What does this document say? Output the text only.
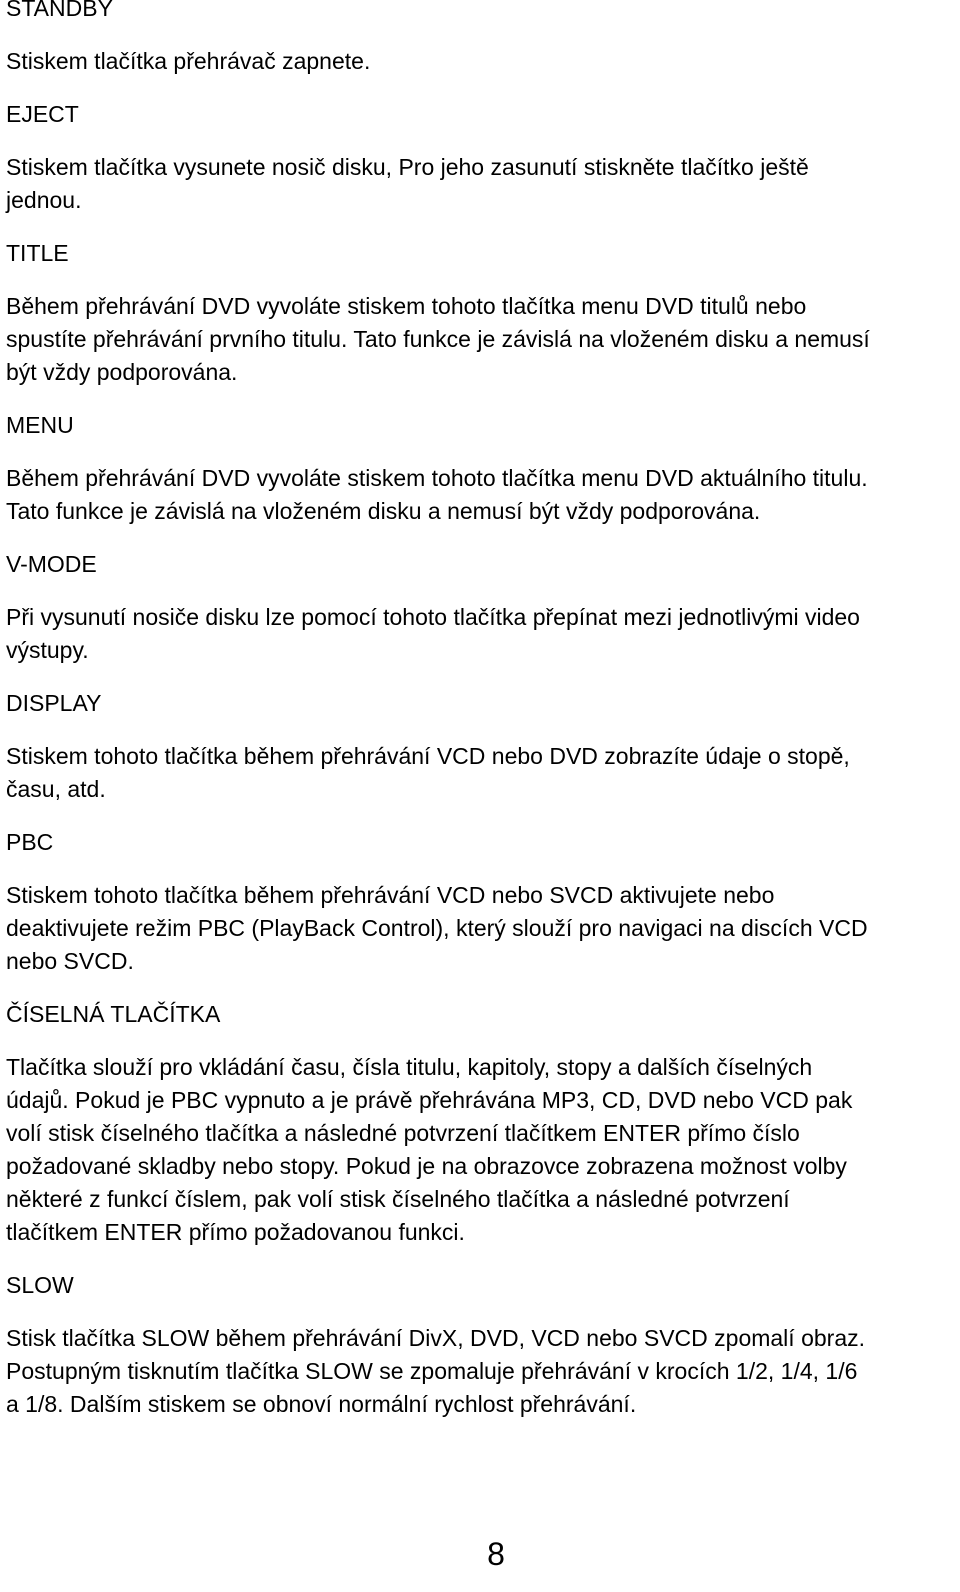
STANDBY
Stiskem tlačítka přehrávač zapnete.
EJECT
Stiskem tlačítka vysunete nosič disku, Pro jeho zasunutí stiskněte tlačítko ještě
jednou.
TITLE
Během přehrávání DVD vyvoláte stiskem tohoto tlačítka menu DVD titulů nebo
spustíte přehrávání prvního titulu. Tato funkce je závislá na vloženém disku a nemusí
být vždy podporována.
MENU
Během přehrávání DVD vyvoláte stiskem tohoto tlačítka menu DVD aktuálního titulu.
Tato funkce je závislá na vloženém disku a nemusí být vždy podporována.
V-MODE
Při vysunutí nosiče disku lze pomocí tohoto tlačítka přepínat mezi jednotlivými video
výstupy.
DISPLAY
Stiskem tohoto tlačítka během přehrávání VCD nebo DVD zobrazíte údaje o stopě,
času, atd.
PBC
Stiskem tohoto tlačítka během přehrávání VCD nebo SVCD aktivujete nebo
deaktivujete režim PBC (PlayBack Control), který slouží pro navigaci na discích VCD
nebo SVCD.
ČÍSELNÁ TLAČÍTKA
Tlačítka slouží pro vkládání času, čísla titulu, kapitoly, stopy a dalších číselných
údajů. Pokud je PBC vypnuto a je právě přehrávána MP3, CD, DVD nebo VCD pak
volí stisk číselného tlačítka a následné potvrzení tlačítkem ENTER přímo číslo
požadované skladby nebo stopy. Pokud je na obrazovce zobrazena možnost volby
některé z funkcí číslem, pak volí stisk číselného tlačítka a následné potvrzení
tlačítkem ENTER přímo požadovanou funkci.
SLOW
Stisk tlačítka SLOW během přehrávání DivX, DVD, VCD nebo SVCD zpomalí obraz.
Postupným tisknutím tlačítka SLOW se zpomaluje přehrávání v krocích 1/2, 1/4, 1/6
a 1/8. Dalším stiskem se obnoví normální rychlost přehrávání.
8
